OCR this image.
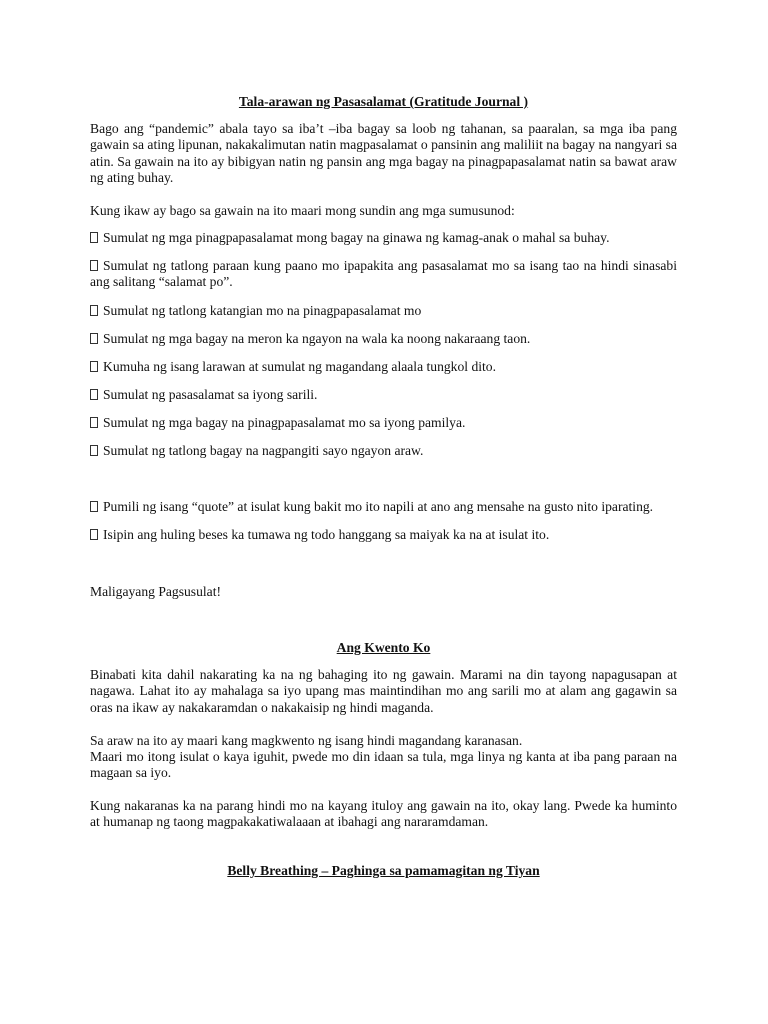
Tala-arawan ng Pasasalamat (Gratitude Journal )

Bago ang “pandemic” abala tayo sa iba’t –iba bagay sa loob ng tahanan, sa paaralan, sa mga iba pang gawain sa ating lipunan, nakakalimutan natin magpasalamat o pansinin ang maliliit na bagay na nangyari sa atin. Sa gawain na ito ay bibigyan natin ng pansin ang mga bagay na pinagpapasalamat natin sa bawat araw ng ating buhay.

Kung ikaw ay bago sa gawain na ito maari mong sundin ang mga sumusunod:

Sumulat ng mga pinagpapasalamat mong bagay na ginawa ng kamag-anak o mahal sa buhay.

Sumulat ng tatlong paraan kung paano mo ipapakita ang pasasalamat mo sa isang tao na hindi sinasabi ang salitang “salamat po”.

Sumulat ng tatlong katangian mo na pinagpapasalamat mo

Sumulat ng mga bagay na meron ka ngayon na wala ka noong nakaraang taon.

Kumuha ng isang larawan at sumulat ng magandang alaala tungkol dito.

Sumulat ng pasasalamat sa iyong sarili.

Sumulat ng mga bagay na pinagpapasalamat mo sa iyong pamilya.

Sumulat ng tatlong bagay na nagpangiti sayo ngayon araw.

Pumili ng isang “quote” at isulat kung bakit mo ito napili at ano ang mensahe na gusto nito iparating.

Isipin ang huling beses ka tumawa ng todo hanggang sa maiyak ka na at isulat ito.

Maligayang Pagsusulat!

Ang Kwento Ko

Binabati kita dahil nakarating ka na ng bahaging ito ng gawain. Marami na din tayong napagusapan at nagawa. Lahat ito ay mahalaga sa iyo upang mas maintindihan mo ang sarili mo at alam ang gagawin sa oras na ikaw ay nakakaramdan o nakakaisip ng hindi maganda.

Sa araw na ito ay maari kang magkwento ng isang hindi magandang karanasan.

Maari mo itong isulat o kaya iguhit, pwede mo din idaan sa tula, mga linya ng kanta at iba pang paraan na magaan sa iyo.

Kung nakaranas ka na parang hindi mo na kayang ituloy ang gawain na ito, okay lang. Pwede ka huminto at humanap ng taong magpakakatiwalaaan at ibahagi ang nararamdaman.

Belly Breathing – Paghinga sa pamamagitan ng Tiyan
